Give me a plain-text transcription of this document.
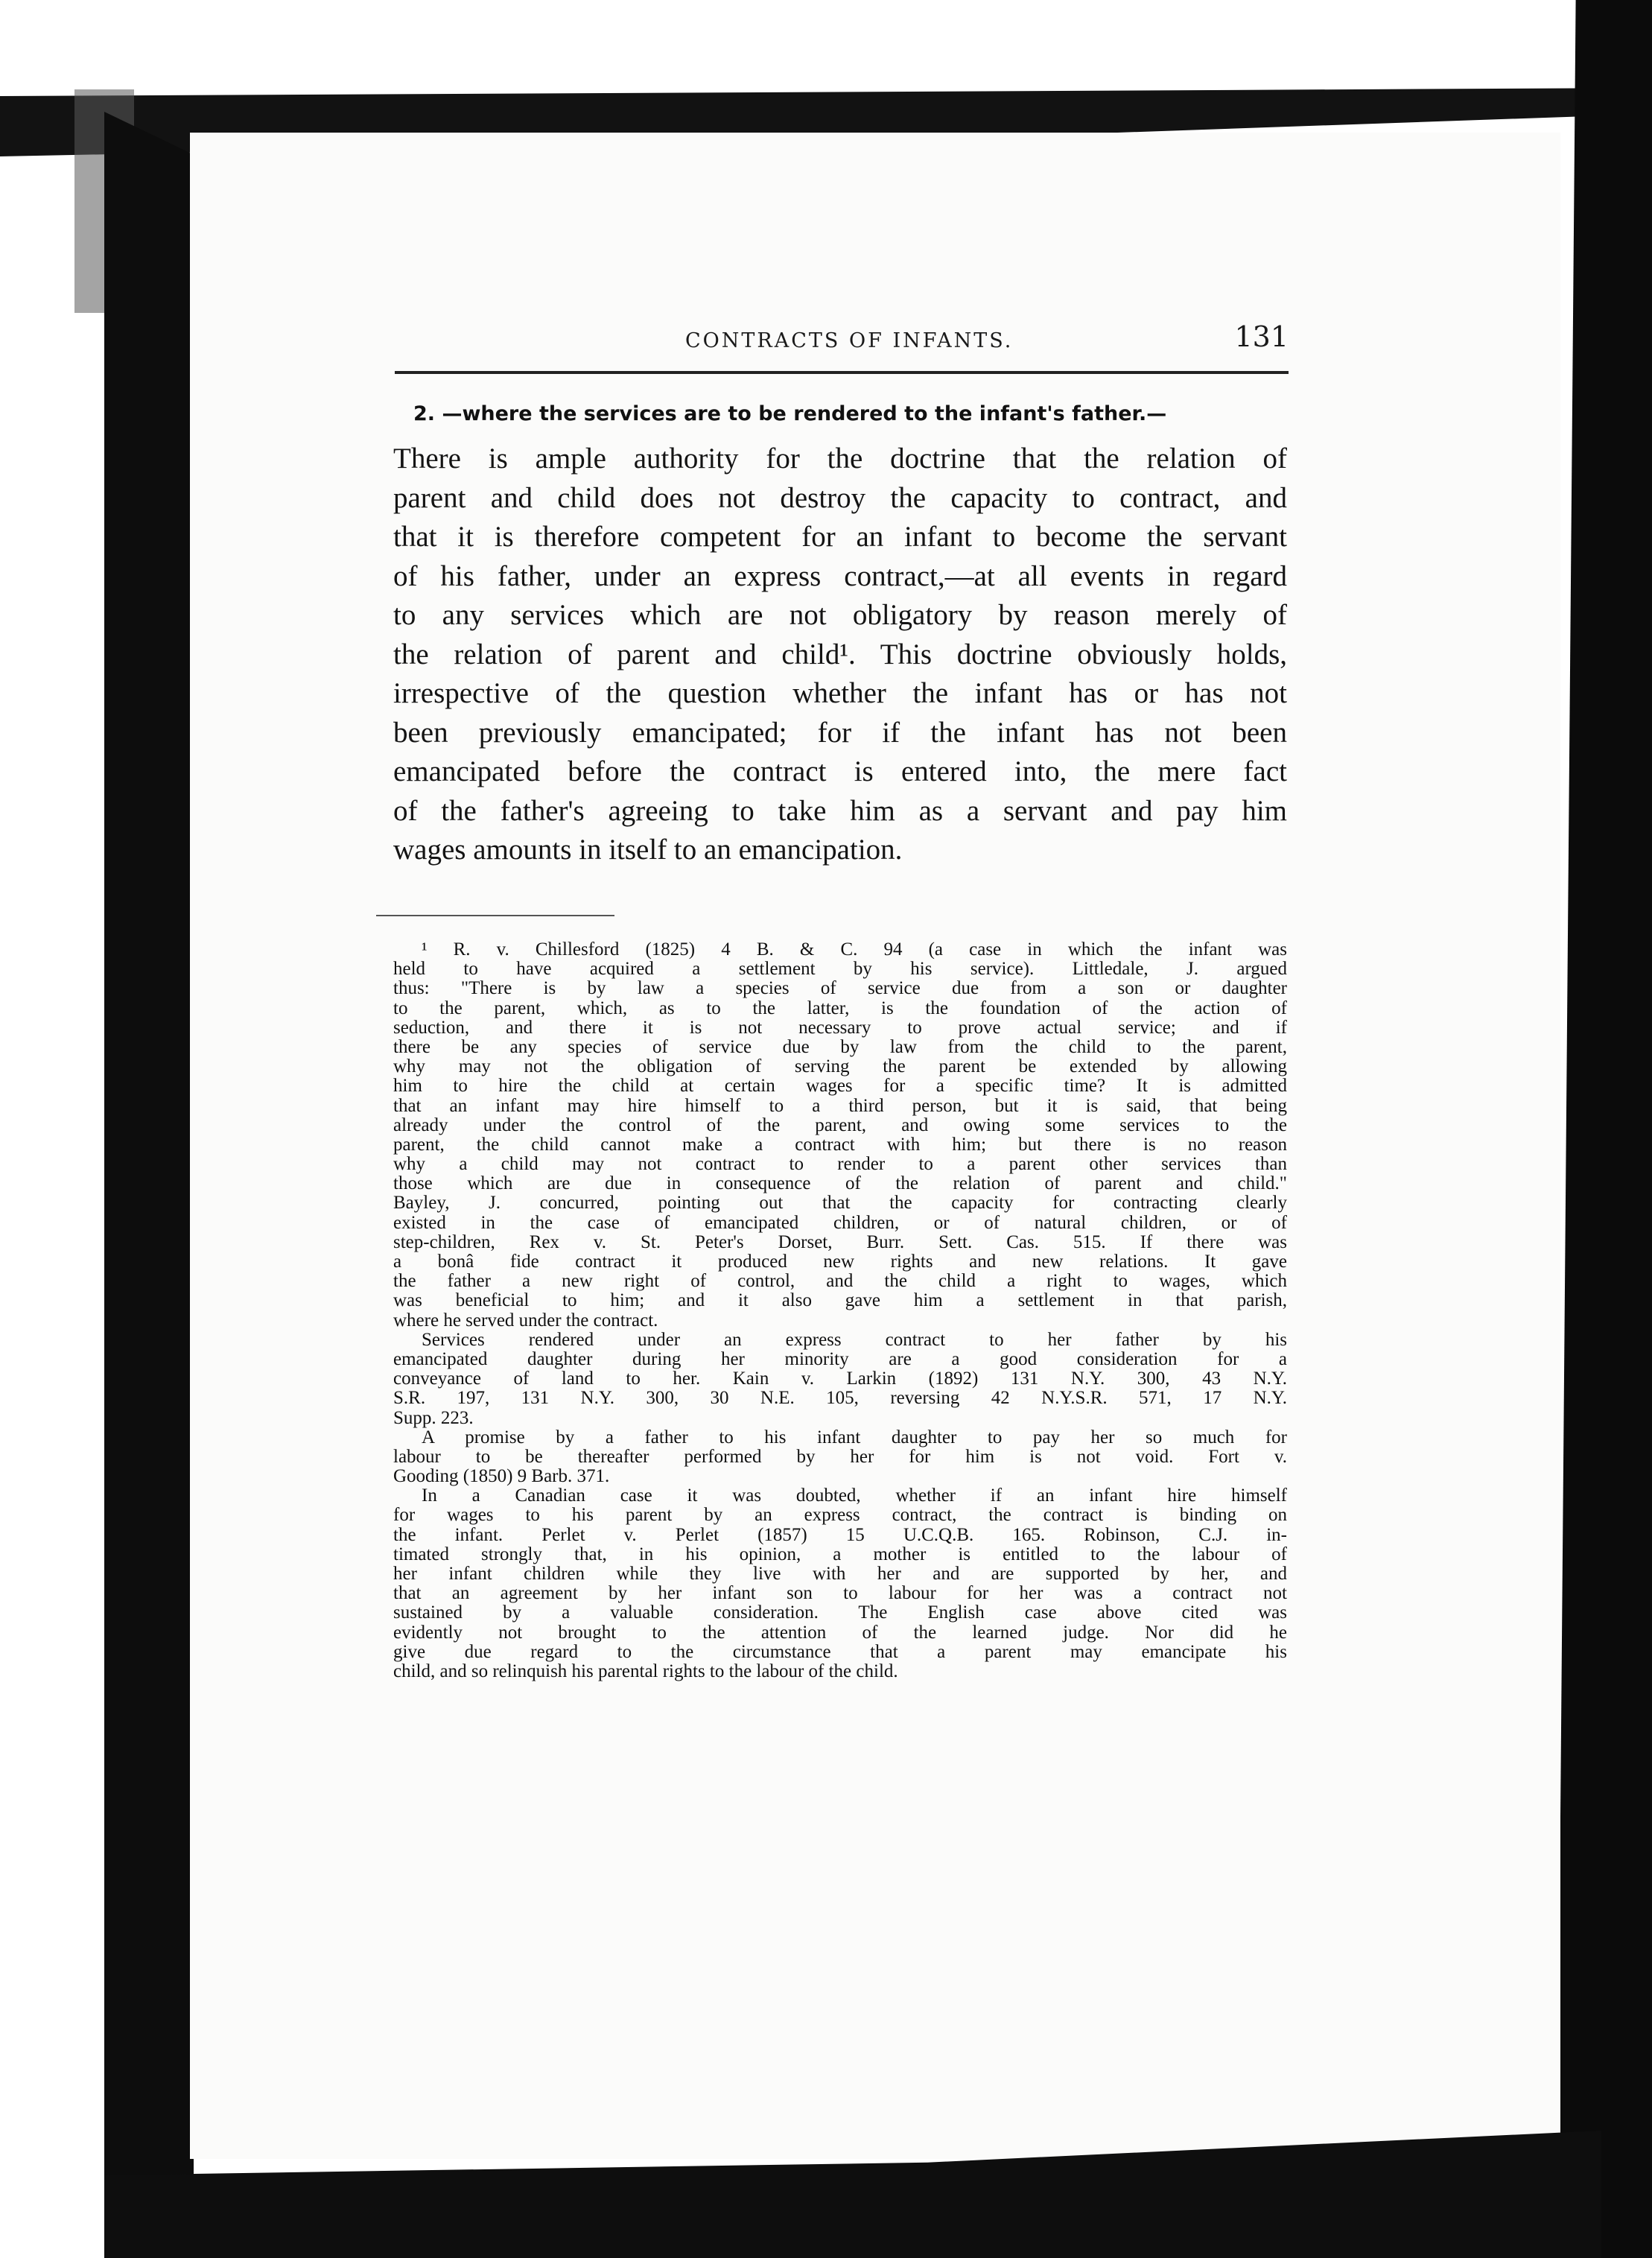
CONTRACTS OF INFANTS.	131
2. —where the services are to be rendered to the infant's father.—
There is ample authority for the doctrine that the relation of
parent and child does not destroy the capacity to contract, and
that it is therefore competent for an infant to become the servant
of his father, under an express contract,—at all events in regard
to any services which are not obligatory by reason merely of
the relation of parent and child¹. This doctrine obviously holds,
irrespective of the question whether the infant has or has not
been previously emancipated; for if the infant has not been
emancipated before the contract is entered into, the mere fact
of the father's agreeing to take him as a servant and pay him
wages amounts in itself to an emancipation.
¹ R. v. Chillesford (1825) 4 B. & C. 94 (a case in which the infant was
held to have acquired a settlement by his service). Littledale, J. argued
thus: "There is by law a species of service due from a son or daughter
to the parent, which, as to the latter, is the foundation of the action of
seduction, and there it is not necessary to prove actual service; and if
there be any species of service due by law from the child to the parent,
why may not the obligation of serving the parent be extended by allowing
him to hire the child at certain wages for a specific time? It is admitted
that an infant may hire himself to a third person, but it is said, that being
already under the control of the parent, and owing some services to the
parent, the child cannot make a contract with him; but there is no reason
why a child may not contract to render to a parent other services than
those which are due in consequence of the relation of parent and child."
Bayley, J. concurred, pointing out that the capacity for contracting clearly
existed in the case of emancipated children, or of natural children, or of
step-children, Rex v. St. Peter's Dorset, Burr. Sett. Cas. 515. If there was
a bonâ fide contract it produced new rights and new relations. It gave
the father a new right of control, and the child a right to wages, which
was beneficial to him; and it also gave him a settlement in that parish,
where he served under the contract.
Services rendered under an express contract to her father by his
emancipated daughter during her minority are a good consideration for a
conveyance of land to her. Kain v. Larkin (1892) 131 N.Y. 300, 43 N.Y.
S.R. 197, 131 N.Y. 300, 30 N.E. 105, reversing 42 N.Y.S.R. 571, 17 N.Y.
Supp. 223.
A promise by a father to his infant daughter to pay her so much for
labour to be thereafter performed by her for him is not void. Fort v.
Gooding (1850) 9 Barb. 371.
In a Canadian case it was doubted, whether if an infant hire himself
for wages to his parent by an express contract, the contract is binding on
the infant. Perlet v. Perlet (1857) 15 U.C.Q.B. 165. Robinson, C.J. in-
timated strongly that, in his opinion, a mother is entitled to the labour of
her infant children while they live with her and are supported by her, and
that an agreement by her infant son to labour for her was a contract not
sustained by a valuable consideration. The English case above cited was
evidently not brought to the attention of the learned judge. Nor did he
give due regard to the circumstance that a parent may emancipate his
child, and so relinquish his parental rights to the labour of the child.
